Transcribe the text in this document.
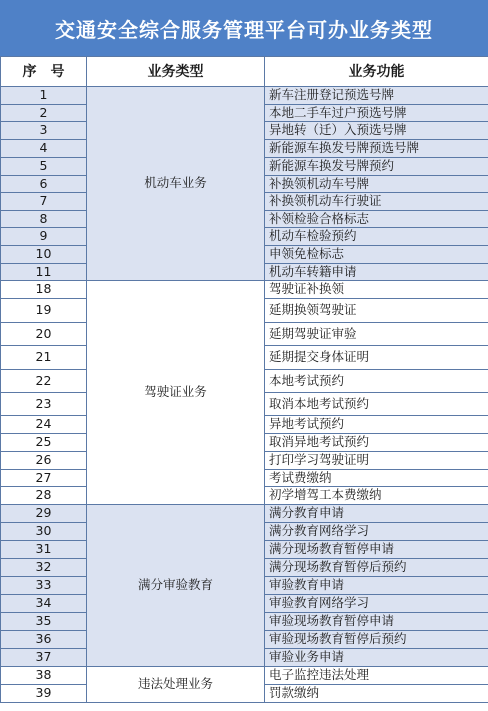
交通安全综合服务管理平台可办业务类型
序　号	业务类型	业务功能
1	机动车业务	新车注册登记预选号牌
2		本地二手车过户预选号牌
3		异地转（迁）入预选号牌
4		新能源车换发号牌预选号牌
5		新能源车换发号牌预约
6		补换领机动车号牌
7		补换领机动车行驶证
8		补领检验合格标志
9		机动车检验预约
10		申领免检标志
11		机动车转籍申请
18	驾驶证业务	驾驶证补换领
19		延期换领驾驶证
20		延期驾驶证审验
21		延期提交身体证明
22		本地考试预约
23		取消本地考试预约
24		异地考试预约
25		取消异地考试预约
26		打印学习驾驶证明
27		考试费缴纳
28		初学增驾工本费缴纳
29	满分审验教育	满分教育申请
30		满分教育网络学习
31		满分现场教育暂停申请
32		满分现场教育暂停后预约
33		审验教育申请
34		审验教育网络学习
35		审验现场教育暂停申请
36		审验现场教育暂停后预约
37		审验业务申请
38	违法处理业务	电子监控违法处理
39		罚款缴纳
